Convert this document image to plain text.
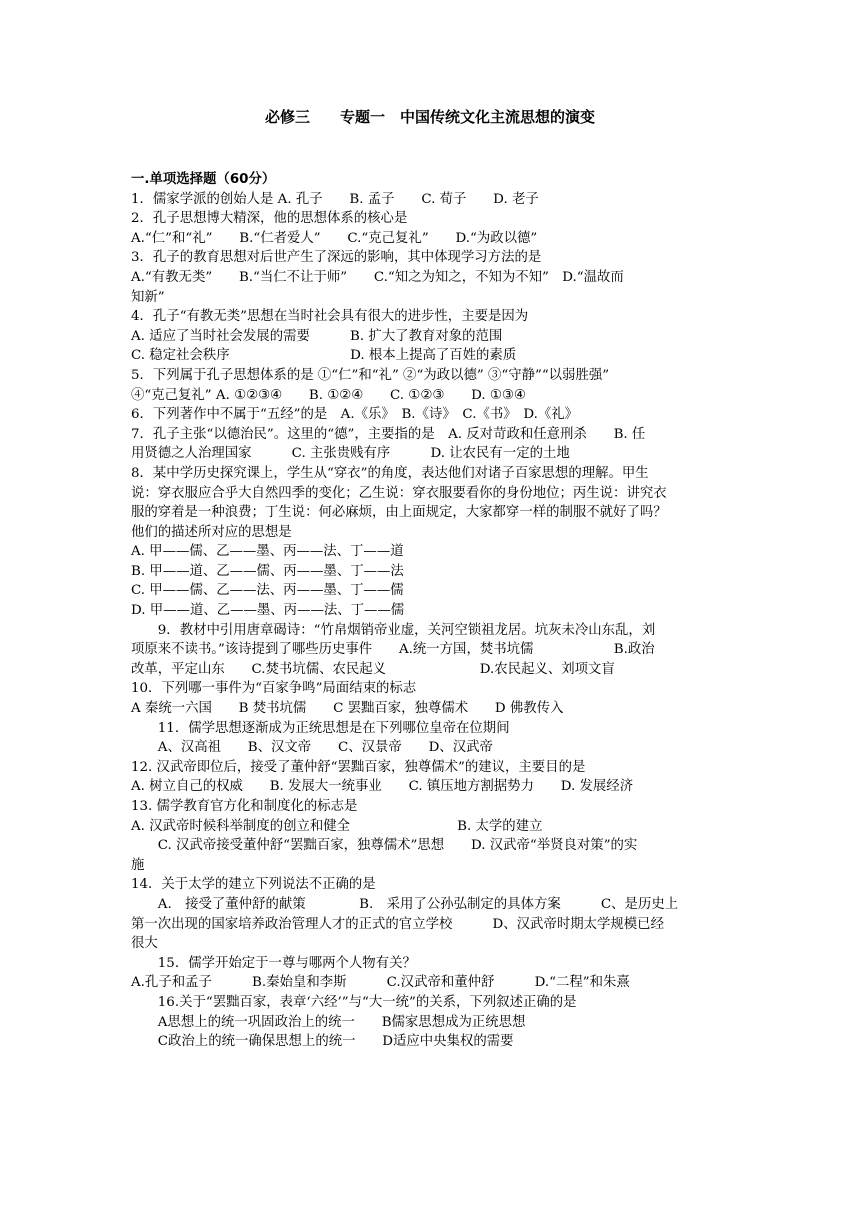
必修三　　专题一　中国传统文化主流思想的演变
一.单项选择题（60分）
1．儒家学派的创始人是 A. 孔子　　B. 孟子　　C. 荀子　　D. 老子
2．孔子思想博大精深，他的思想体系的核心是
A.“仁”和“礼”　　B.“仁者爱人”　　C.“克己复礼”　　D.“为政以德”
3．孔子的教育思想对后世产生了深远的影响，其中体现学习方法的是
A.“有教无类”　　B.“当仁不让于师”　　C.“知之为知之，不知为不知”　D.“温故而
知新”
4．孔子“有教无类”思想在当时社会具有很大的进步性，主要是因为
A. 适应了当时社会发展的需要　　　B. 扩大了教育对象的范围
C. 稳定社会秩序　　　　　　　　　D. 根本上提高了百姓的素质
5．下列属于孔子思想体系的是 ①“仁”和“礼” ②“为政以德” ③“守静”“以弱胜强”
④“克己复礼” A. ①②③④　　B. ①②④　　C. ①②③　　D. ①③④
6．下列著作中不属于“五经”的是　A.《乐》　B.《诗》　C.《书》　D.《礼》
7．孔子主张“以德治民”。这里的“德”，主要指的是　A. 反对苛政和任意刑杀　　B. 任
用贤德之人治理国家　　　C. 主张贵贱有序　　　D. 让农民有一定的土地
8．某中学历史探究课上，学生从“穿衣”的角度，表达他们对诸子百家思想的理解。甲生
说：穿衣服应合乎大自然四季的变化；乙生说：穿衣服要看你的身份地位；丙生说：讲究衣
服的穿着是一种浪费；丁生说：何必麻烦，由上面规定，大家都穿一样的制服不就好了吗？
他们的描述所对应的思想是
A. 甲——儒、乙——墨、丙——法、丁——道
B. 甲——道、乙——儒、丙——墨、丁——法
C. 甲——儒、乙——法、丙——墨、丁——儒
D. 甲——道、乙——墨、丙——法、丁——儒
　　9．教材中引用唐章碣诗：“竹帛烟销帝业虚，关河空锁祖龙居。坑灰未冷山东乱，刘
项原来不读书。”该诗提到了哪些历史事件　　A.统一方国，焚书坑儒　　　　　　B.政治
改革，平定山东　　C.焚书坑儒、农民起义　　　　　　　D.农民起义、刘项文盲
10．下列哪一事件为“百家争鸣”局面结束的标志
A 秦统一六国　　B 焚书坑儒　　C 罢黜百家，独尊儒术　　D 佛教传入
　　11．儒学思想逐渐成为正统思想是在下列哪位皇帝在位期间
　　A、汉高祖　　B、汉文帝　　C、汉景帝　　D、汉武帝
12. 汉武帝即位后，接受了董仲舒“罢黜百家，独尊儒术”的建议，主要目的是
A. 树立自己的权威　　B. 发展大一统事业　　C. 镇压地方割据势力　　D. 发展经济
13. 儒学教育官方化和制度化的标志是
A. 汉武帝时候科举制度的创立和健全　　　　　　　　B. 太学的建立
　　C. 汉武帝接受董仲舒“罢黜百家，独尊儒术”思想　　D. 汉武帝“举贤良对策”的实
施
14．关于太学的建立下列说法不正确的是
　　A.　接受了董仲舒的献策　　　　B.　采用了公孙弘制定的具体方案　　　C、是历史上
第一次出现的国家培养政治管理人才的正式的官立学校　　　D、汉武帝时期太学规模已经
很大
　　15．儒学开始定于一尊与哪两个人物有关？
A.孔子和孟子　　　B.秦始皇和李斯　　　C.汉武帝和董仲舒　　　D.“二程”和朱熹
　　16.关于“罢黜百家，表章‘六经’”与“大一统”的关系，下列叙述正确的是
　　A思想上的统一巩固政治上的统一　　B儒家思想成为正统思想
　　C政治上的统一确保思想上的统一　　D适应中央集权的需要
